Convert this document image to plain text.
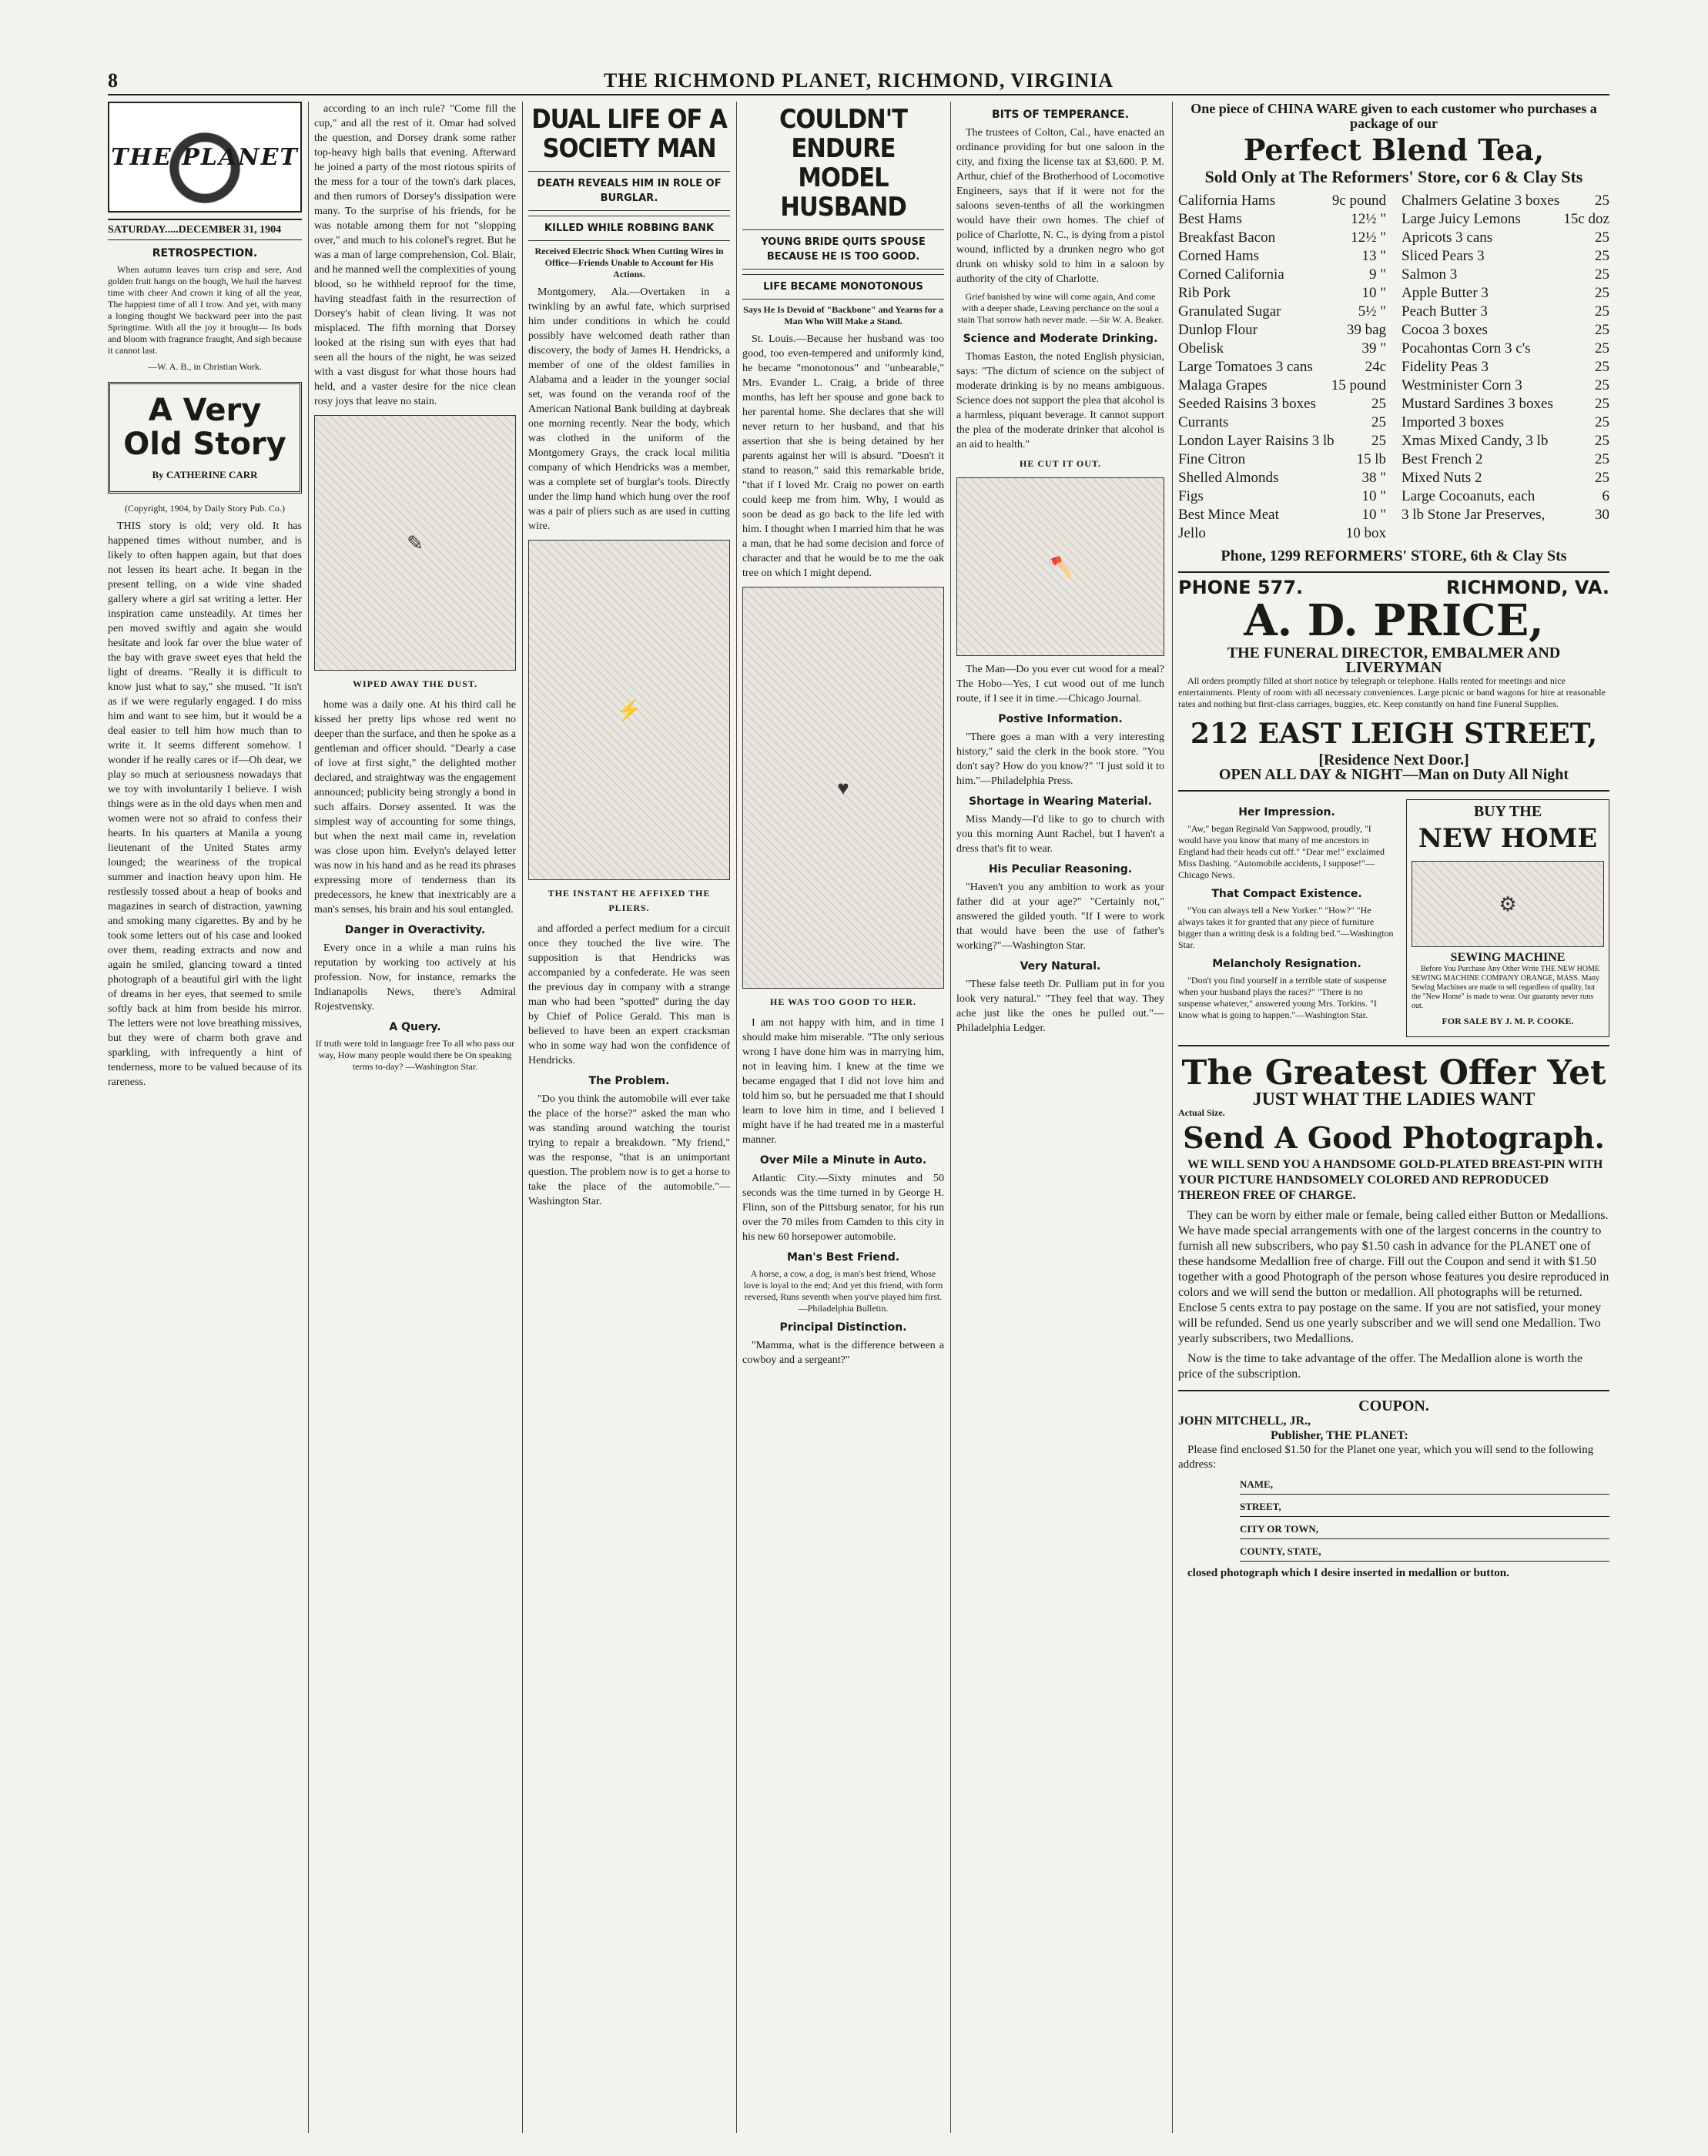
8	THE RICHMOND PLANET, RICHMOND, VIRGINIA
THE PLANET
SATURDAY.....DECEMBER 31, 1904
RETROSPECTION.

When autumn leaves turn crisp and sere, And golden fruit hangs on the bough, We hail the harvest time with cheer And crown it king of all the year, The happiest time of all I trow. And yet, with many a longing thought We backward peer into the past Springtime. With all the joy it brought— Its buds and bloom with fragrance fraught, And sigh because it cannot last.

—W. A. B., in Christian Work.

A Very Old Story
By CATHERINE CARR

(Copyright, 1904, by Daily Story Pub. Co.)

THIS story is old; very old. It has happened times without number, and is likely to often happen again, but that does not lessen its heart ache. It began in the present telling, on a wide vine shaded gallery where a girl sat writing a letter. Her inspiration came unsteadily. At times her pen moved swiftly and again she would hesitate and look far over the blue water of the bay with grave sweet eyes that held the light of dreams. "Really it is difficult to know just what to say," she mused. "It isn't as if we were regularly engaged. I do miss him and want to see him, but it would be a deal easier to tell him how much than to write it. It seems different somehow. I wonder if he really cares or if—Oh dear, we play so much at seriousness nowadays that we toy with involuntarily I believe. I wish things were as in the old days when men and women were not so afraid to confess their hearts. In his quarters at Manila a young lieutenant of the United States army lounged; the weariness of the tropical summer and inaction heavy upon him. He restlessly tossed about a heap of books and magazines in search of distraction, yawning and smoking many cigarettes. By and by he took some letters out of his case and looked over them, reading extracts and now and again he smiled, glancing toward a tinted photograph of a beautiful girl with the light of dreams in her eyes, that seemed to smile softly back at him from beside his mirror. The letters were not love breathing missives, but they were of charm both grave and sparkling, with infrequently a hint of tenderness, more to be valued because of its rareness.

according to an inch rule? "Come fill the cup," and all the rest of it. Omar had solved the question, and Dorsey drank some rather top-heavy high balls that evening. Afterward he joined a party of the most riotous spirits of the mess for a tour of the town's dark places, and then rumors of Dorsey's dissipation were many. To the surprise of his friends, for he was notable among them for not "slopping over," and much to his colonel's regret. But he was a man of large comprehension, Col. Blair, and he manned well the complexities of young blood, so he withheld reproof for the time, having steadfast faith in the resurrection of Dorsey's habit of clean living. It was not misplaced. The fifth morning that Dorsey looked at the rising sun with eyes that had seen all the hours of the night, he was seized with a vast disgust for what those hours had held, and a vaster desire for the nice clean rosy joys that leave no stain.

✎
WIPED AWAY THE DUST.

home was a daily one. At his third call he kissed her pretty lips whose red went no deeper than the surface, and then he spoke as a gentleman and officer should. "Dearly a case of love at first sight," the delighted mother declared, and straightway was the engagement announced; publicity being strongly a bond in such affairs. Dorsey assented. It was the simplest way of accounting for some things, but when the next mail came in, revelation was close upon him. Evelyn's delayed letter was now in his hand and as he read its phrases expressing more of tenderness than its predecessors, he knew that inextricably are a man's senses, his brain and his soul entangled.

Danger in Overactivity.

Every once in a while a man ruins his reputation by working too actively at his profession. Now, for instance, remarks the Indianapolis News, there's Admiral Rojestvensky.

A Query.

If truth were told in language free To all who pass our way, How many people would there be On speaking terms to-day? —Washington Star.

DUAL LIFE OF A SOCIETY MAN
DEATH REVEALS HIM IN ROLE OF BURGLAR.
KILLED WHILE ROBBING BANK

Received Electric Shock When Cutting Wires in Office—Friends Unable to Account for His Actions.

Montgomery, Ala.—Overtaken in a twinkling by an awful fate, which surprised him under conditions in which he could possibly have welcomed death rather than discovery, the body of James H. Hendricks, a member of one of the oldest families in Alabama and a leader in the younger social set, was found on the veranda roof of the American National Bank building at daybreak one morning recently. Near the body, which was clothed in the uniform of the Montgomery Grays, the crack local militia company of which Hendricks was a member, was a complete set of burglar's tools. Directly under the limp hand which hung over the roof was a pair of pliers such as are used in cutting wire.

⚡
THE INSTANT HE AFFIXED THE PLIERS.

and afforded a perfect medium for a circuit once they touched the live wire. The supposition is that Hendricks was accompanied by a confederate. He was seen the previous day in company with a strange man who had been "spotted" during the day by Chief of Police Gerald. This man is believed to have been an expert cracksman who in some way had won the confidence of Hendricks.

The Problem.

"Do you think the automobile will ever take the place of the horse?" asked the man who was standing around watching the tourist trying to repair a breakdown. "My friend," was the response, "that is an unimportant question. The problem now is to get a horse to take the place of the automobile."—Washington Star.

COULDN'T ENDURE MODEL HUSBAND
YOUNG BRIDE QUITS SPOUSE BECAUSE HE IS TOO GOOD.
LIFE BECAME MONOTONOUS

Says He Is Devoid of "Backbone" and Yearns for a Man Who Will Make a Stand.

St. Louis.—Because her husband was too good, too even-tempered and uniformly kind, he became "monotonous" and "unbearable," Mrs. Evander L. Craig, a bride of three months, has left her spouse and gone back to her parental home. She declares that she will never return to her husband, and that his assertion that she is being detained by her parents against her will is absurd. "Doesn't it stand to reason," said this remarkable bride, "that if I loved Mr. Craig no power on earth could keep me from him. Why, I would as soon be dead as go back to the life led with him. I thought when I married him that he was a man, that he had some decision and force of character and that he would be to me the oak tree on which I might depend.

♥
HE WAS TOO GOOD TO HER.

I am not happy with him, and in time I should make him miserable. "The only serious wrong I have done him was in marrying him, not in leaving him. I knew at the time we became engaged that I did not love him and told him so, but he persuaded me that I should learn to love him in time, and I believed I might have if he had treated me in a masterful manner.

Over Mile a Minute in Auto.

Atlantic City.—Sixty minutes and 50 seconds was the time turned in by George H. Flinn, son of the Pittsburg senator, for his run over the 70 miles from Camden to this city in his new 60 horsepower automobile.

Man's Best Friend.

A horse, a cow, a dog, is man's best friend, Whose love is loyal to the end; And yet this friend, with form reversed, Runs seventh when you've played him first. —Philadelphia Bulletin.

Principal Distinction.

"Mamma, what is the difference between a cowboy and a sergeant?"

BITS OF TEMPERANCE.

The trustees of Colton, Cal., have enacted an ordinance providing for but one saloon in the city, and fixing the license tax at $3,600. P. M. Arthur, chief of the Brotherhood of Locomotive Engineers, says that if it were not for the saloons seven-tenths of all the workingmen would have their own homes. The chief of police of Charlotte, N. C., is dying from a pistol wound, inflicted by a drunken negro who got drunk on whisky sold to him in a saloon by authority of the city of Charlotte.

Grief banished by wine will come again, And come with a deeper shade, Leaving perchance on the soul a stain That sorrow hath never made. —Sir W. A. Beaker.

Science and Moderate Drinking.

Thomas Easton, the noted English physician, says: "The dictum of science on the subject of moderate drinking is by no means ambiguous. Science does not support the plea that alcohol is a harmless, piquant beverage. It cannot support the plea of the moderate drinker that alcohol is an aid to health."

HE CUT IT OUT.
🪓

The Man—Do you ever cut wood for a meal? The Hobo—Yes, I cut wood out of me lunch route, if I see it in time.—Chicago Journal.

Postive Information.

"There goes a man with a very interesting history," said the clerk in the book store. "You don't say? How do you know?" "I just sold it to him."—Philadelphia Press.

Shortage in Wearing Material.

Miss Mandy—I'd like to go to church with you this morning Aunt Rachel, but I haven't a dress that's fit to wear.

His Peculiar Reasoning.

"Haven't you any ambition to work as your father did at your age?" "Certainly not," answered the gilded youth. "If I were to work that would have been the use of father's working?"—Washington Star.

Very Natural.

"These false teeth Dr. Pulliam put in for you look very natural." "They feel that way. They ache just like the ones he pulled out."—Philadelphia Ledger.

One piece of CHINA WARE given to each customer who purchases a package of our
Perfect Blend Tea,
Sold Only at The Reformers' Store, cor 6 & Clay Sts
California Hams	9c pound
Best Hams	12½ "
Breakfast Bacon	12½ "
Corned Hams	13 "
Corned California	9 "
Rib Pork	10 "
Granulated Sugar	5½ "
Dunlop Flour	39 bag
Obelisk	39 "
Large Tomatoes 3 cans	24c
Malaga Grapes	15 pound
Seeded Raisins 3 boxes	25
Currants	25
London Layer Raisins 3 lb	25
Fine Citron	15 lb
Shelled Almonds	38 "
Figs	10 "
Best Mince Meat	10 "
Jello	10 box
Chalmers Gelatine 3 boxes 25
Large Juicy Lemons	15c doz
Apricots 3 cans	25
Sliced Pears 3	25
Salmon 3	25
Apple Butter 3	25
Peach Butter 3	25
Cocoa 3 boxes	25
Pocahontas Corn 3 c's	25
Fidelity Peas 3	25
Westminister Corn 3	25
Mustard Sardines 3 boxes	25
Imported 3 boxes	25
Xmas Mixed Candy, 3 lb	25
Best French 2	25
Mixed Nuts 2	25
Large Cocoanuts, each	6
3 lb Stone Jar Preserves,	30
Phone, 1299 REFORMERS' STORE, 6th & Clay Sts
PHONE 577.	RICHMOND, VA.
A. D. PRICE,
THE FUNERAL DIRECTOR, EMBALMER AND LIVERYMAN

All orders promptly filled at short notice by telegraph or telephone. Halls rented for meetings and nice entertainments. Plenty of room with all necessary conveniences. Large picnic or band wagons for hire at reasonable rates and nothing but first-class carriages, buggies, etc. Keep constantly on hand fine Funeral Supplies.

212 EAST LEIGH STREET,
[Residence Next Door.]
OPEN ALL DAY & NIGHT—Man on Duty All Night
Her Impression.

"Aw," began Reginald Van Sappwood, proudly, "I would have you know that many of me ancestors in England had their heads cut off." "Dear me!" exclaimed Miss Dashing. "Automobile accidents, I suppose!"—Chicago News.

That Compact Existence.

"You can always tell a New Yorker." "How?" "He always takes it for granted that any piece of furniture bigger than a writing desk is a folding bed."—Washington Star.

Melancholy Resignation.

"Don't you find yourself in a terrible state of suspense when your husband plays the races?" "There is no suspense whatever," answered young Mrs. Torkins. "I know what is going to happen."—Washington Star.

BUY THE
NEW HOME
⚙
SEWING MACHINE

Before You Purchase Any Other Write THE NEW HOME SEWING MACHINE COMPANY ORANGE, MASS. Many Sewing Machines are made to sell regardless of quality, but the "New Home" is made to wear. Our guaranty never runs out.

FOR SALE BY J. M. P. COOKE.

The Greatest Offer Yet
JUST WHAT THE LADIES WANT
Actual Size.
Send A Good Photograph.

WE WILL SEND YOU A HANDSOME GOLD-PLATED BREAST-PIN WITH YOUR PICTURE HANDSOMELY COLORED AND REPRODUCED THEREON FREE OF CHARGE.

They can be worn by either male or female, being called either Button or Medallions. We have made special arrangements with one of the largest concerns in the country to furnish all new subscribers, who pay $1.50 cash in advance for the PLANET one of these handsome Medallion free of charge. Fill out the Coupon and send it with $1.50 together with a good Photograph of the person whose features you desire reproduced in colors and we will send the button or medallion. All photographs will be returned. Enclose 5 cents extra to pay postage on the same. If you are not satisfied, your money will be refunded. Send us one yearly subscriber and we will send one Medallion. Two yearly subscribers, two Medallions.

Now is the time to take advantage of the offer. The Medallion alone is worth the price of the subscription.

COUPON.
JOHN MITCHELL, JR.,
Publisher, THE PLANET:

Please find enclosed $1.50 for the Planet one year, which you will send to the following address:

NAME,
STREET,
CITY OR TOWN,
COUNTY, STATE,

closed photograph which I desire inserted in medallion or button.
